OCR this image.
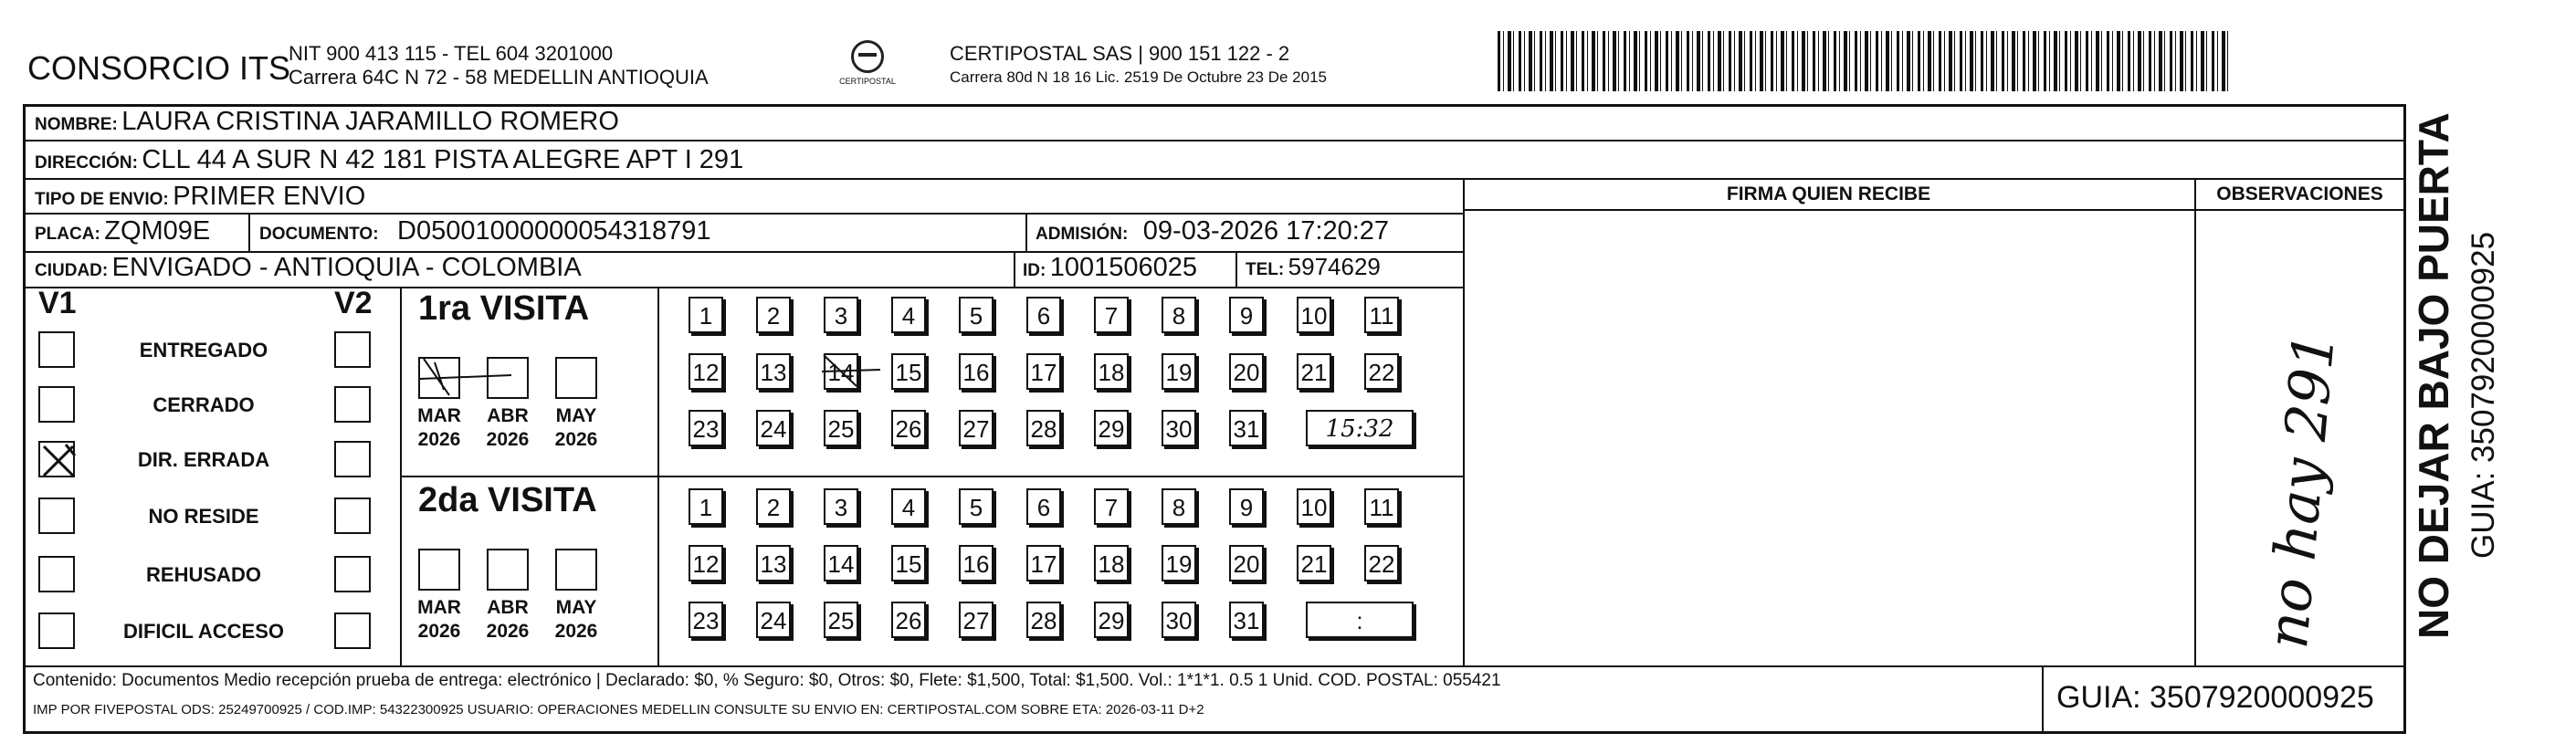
CONSORCIO ITS
NIT 900 413 115 - TEL 604 3201000
Carrera 64C N 72 - 58 MEDELLIN ANTIOQUIA	CERTIPOSTAL
CERTIPOSTAL SAS | 900 151 122 - 2
Carrera 80d N 18 16 Lic. 2519 De Octubre 23 De 2015
NOMBRE: LAURA CRISTINA JARAMILLO ROMERO
DIRECCIÓN: CLL 44 A SUR N 42 181 PISTA ALEGRE APT I 291
TIPO DE ENVIO: PRIMER ENVIO
PLACA: ZQM09E	DOCUMENTO: D05001000000054318791	ADMISIÓN: 09-03-2026 17:20:27
CIUDAD: ENVIGADO - ANTIOQUIA - COLOMBIA	ID: 1001506025	TEL: 5974629
FIRMA QUIEN RECIBE	OBSERVACIONES
V1	V2
ENTREGADO
CERRADO
DIR. ERRADA
NO RESIDE
REHUSADO
DIFICIL ACCESO
1ra VISITA
2da VISITA
1	2	3	4	5	6	7	8	9	10 11
12 13 14 15 16 17 18 19 20 21 22
23 24 25 26 27 28 29 30 31	15:32
MAR
2026
ABR
2026
MAY
2026
1	2	3	4	5	6	7	8	9	10 11
12 13 14 15 16 17 18 19 20 21 22
23 24 25 26 27 28 29 30 31	:
MAR
2026
ABR
2026
MAY
2026	no hay 291
Contenido: Documentos Medio recepción prueba de entrega: electrónico | Declarado: $0, % Seguro: $0, Otros: $0, Flete: $1,500, Total: $1,500. Vol.: 1*1*1. 0.5 1 Unid. COD. POSTAL: 055421
IMP POR FIVEPOSTAL ODS: 25249700925 / COD.IMP: 54322300925 USUARIO: OPERACIONES MEDELLIN CONSULTE SU ENVIO EN: CERTIPOSTAL.COM SOBRE ETA: 2026-03-11 D+2	GUIA: 3507920000925
NO DEJAR BAJO PUERTA GUIA: 3507920000925
